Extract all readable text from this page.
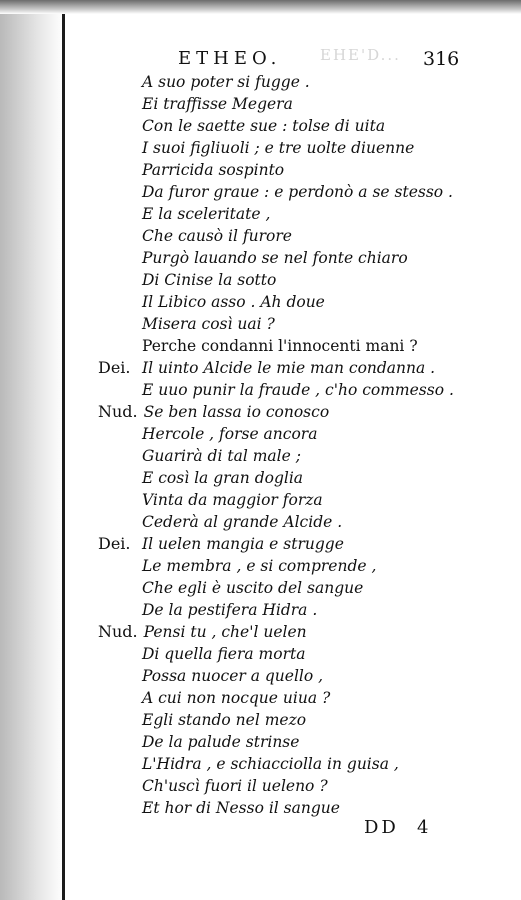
EHE'D...
ETHEO.	316
A suo poter si fugge .
Ei traffisse Megera
Con le saette sue : tolse di uita
I suoi figliuoli ; e tre uolte diuenne
Parricida sospinto
Da furor graue : e perdonò a se stesso .
E la sceleritate ,
Che causò il furore
Purgò lauando se nel fonte chiaro
Di Cinise la sotto
Il Libico asso . Ah doue
Misera così uai ?
Perche condanni l'innocenti mani ?
Dei. Il uinto Alcide le mie man condanna .
E uuo punir la fraude , c'ho commesso .
Nud. Se ben lassa io conosco
Hercole , forse ancora
Guarirà di tal male ;
E così la gran doglia
Vinta da maggior forza
Cederà al grande Alcide .
Dei. Il uelen mangia e strugge
Le membra , e si comprende ,
Che egli è uscito del sangue
De la pestifera Hidra .
Nud. Pensi tu , che'l uelen
Di quella fiera morta
Possa nuocer a quello ,
A cui non nocque uiua ?
Egli stando nel mezo
De la palude strinse
L'Hidra , e schiacciolla in guisa ,
Ch'uscì fuori il ueleno ?
Et hor di Nesso il sangue
DD 4
